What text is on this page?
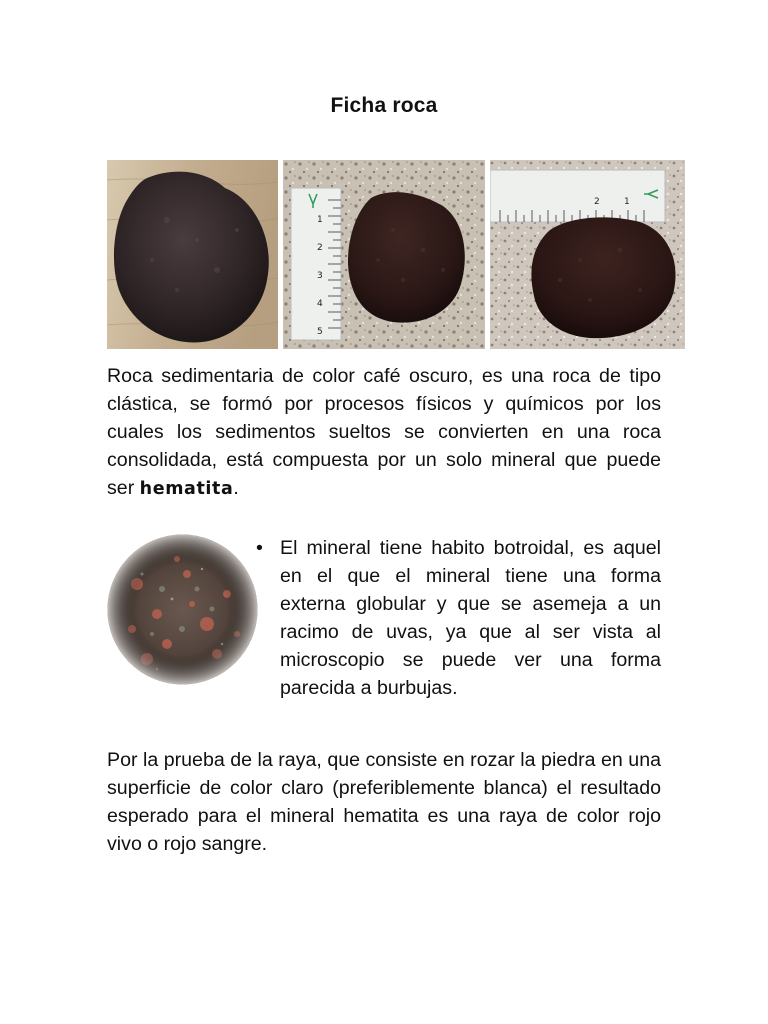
Ficha roca
1
2
3
4
5
2	1

Roca sedimentaria de color café oscuro, es una roca de tipo clástica, se formó por procesos físicos y químicos por los cuales los sedimentos sueltos se convierten en una roca consolidada, está compuesta por un solo mineral que puede ser hematita.

• El mineral tiene habito botroidal, es aquel en el que el mineral tiene una forma externa globular y que se asemeja a un racimo de uvas, ya que al ser vista al microscopio se puede ver una forma parecida a burbujas.

Por la prueba de la raya, que consiste en rozar la piedra en una superficie de color claro (preferiblemente blanca) el resultado esperado para el mineral hematita es una raya de color rojo vivo o rojo sangre.
